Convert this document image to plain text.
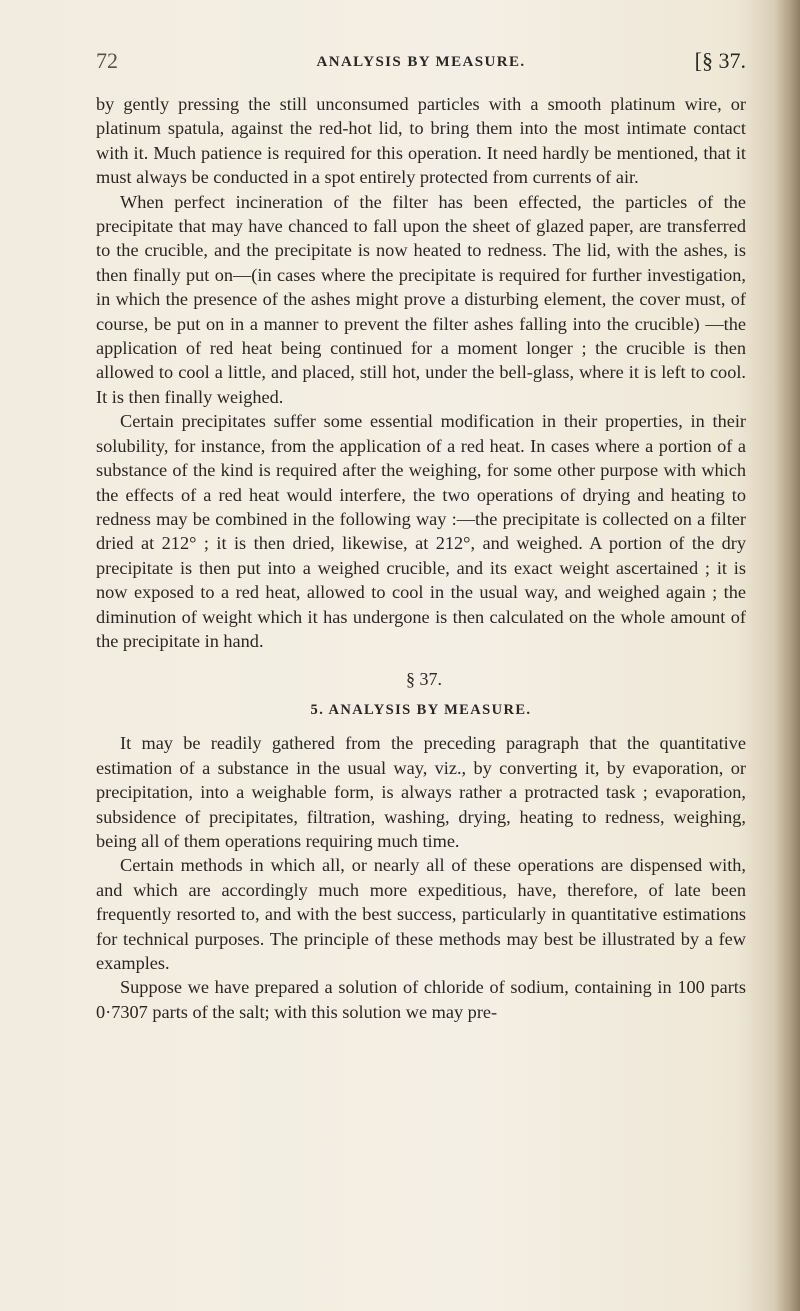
72	ANALYSIS BY MEASURE.	[§ 37.

by gently pressing the still unconsumed particles with a smooth platinum wire, or platinum spatula, against the red-hot lid, to bring them into the most intimate contact with it. Much patience is required for this operation. It need hardly be mentioned, that it must always be conducted in a spot entirely protected from currents of air.

When perfect incineration of the filter has been effected, the particles of the precipitate that may have chanced to fall upon the sheet of glazed paper, are transferred to the crucible, and the precipitate is now heated to redness. The lid, with the ashes, is then finally put on—(in cases where the precipitate is required for further investigation, in which the presence of the ashes might prove a disturbing element, the cover must, of course, be put on in a manner to prevent the filter ashes falling into the crucible) —the application of red heat being continued for a moment longer ; the crucible is then allowed to cool a little, and placed, still hot, under the bell-glass, where it is left to cool. It is then finally weighed.

Certain precipitates suffer some essential modification in their properties, in their solubility, for instance, from the application of a red heat. In cases where a portion of a substance of the kind is required after the weighing, for some other purpose with which the effects of a red heat would interfere, the two operations of drying and heating to redness may be combined in the following way :—the precipitate is collected on a filter dried at 212° ; it is then dried, likewise, at 212°, and weighed. A portion of the dry precipitate is then put into a weighed crucible, and its exact weight ascertained ; it is now exposed to a red heat, allowed to cool in the usual way, and weighed again ; the diminution of weight which it has undergone is then calculated on the whole amount of the precipitate in hand.

§ 37.
5. ANALYSIS BY MEASURE.

It may be readily gathered from the preceding paragraph that the quantitative estimation of a substance in the usual way, viz., by converting it, by evaporation, or precipitation, into a weighable form, is always rather a protracted task ; evaporation, subsidence of precipitates, filtration, washing, drying, heating to redness, weighing, being all of them operations requiring much time.

Certain methods in which all, or nearly all of these operations are dispensed with, and which are accordingly much more expeditious, have, therefore, of late been frequently resorted to, and with the best success, particularly in quantitative estimations for technical purposes. The principle of these methods may best be illustrated by a few examples.

Suppose we have prepared a solution of chloride of sodium, containing in 100 parts 0·7307 parts of the salt; with this solution we may pre-
